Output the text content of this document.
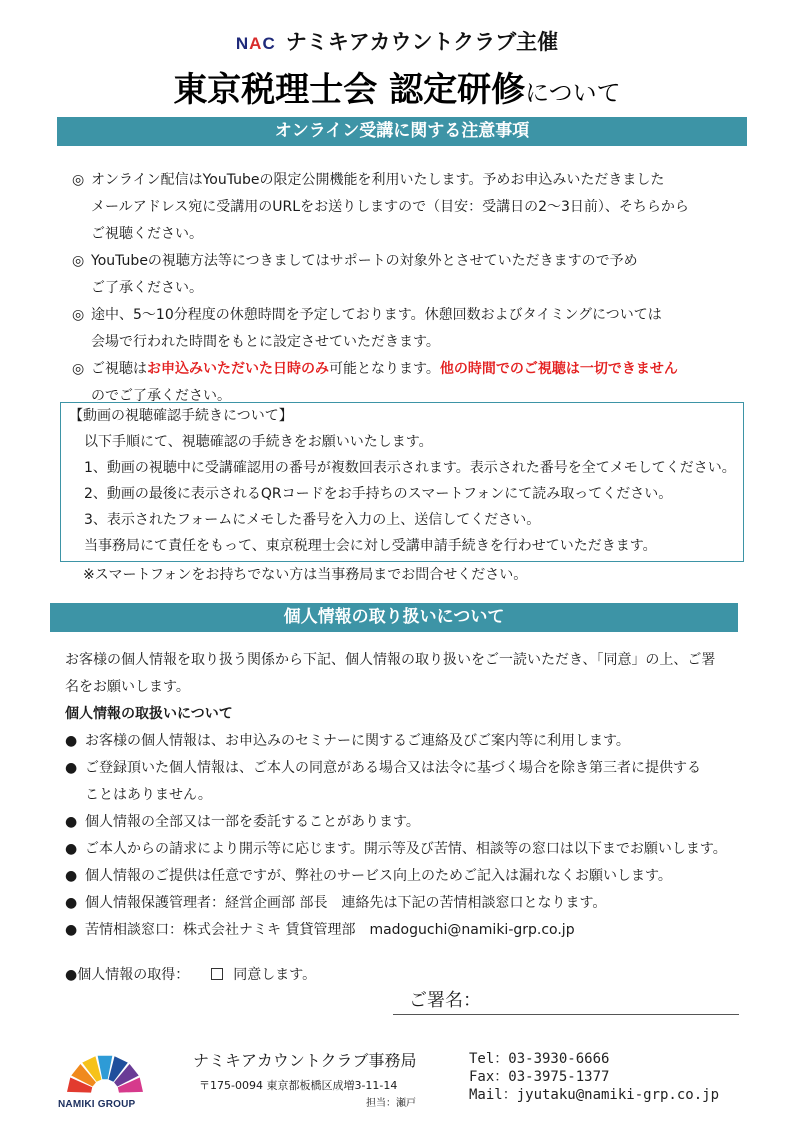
NAC ナミキアカウントクラブ主催
東京税理士会 認定研修について
オンライン受講に関する注意事項
◎ オンライン配信はYouTubeの限定公開機能を利用いたします。予めお申込みいただきました
メールアドレス宛に受講用のURLをお送りしますので（目安：受講日の2～3日前）、そちらから
ご視聴ください。
◎ YouTubeの視聴方法等につきましてはサポートの対象外とさせていただきますので予め
ご了承ください。
◎ 途中、5～10分程度の休憩時間を予定しております。休憩回数およびタイミングについては
会場で行われた時間をもとに設定させていただきます。
◎ ご視聴はお申込みいただいた日時のみ可能となります。他の時間でのご視聴は一切できません
のでご了承ください。
【動画の視聴確認手続きについて】
以下手順にて、視聴確認の手続きをお願いいたします。
1、動画の視聴中に受講確認用の番号が複数回表示されます。表示された番号を全てメモしてください。
2、動画の最後に表示されるQRコードをお手持ちのスマートフォンにて読み取ってください。
3、表示されたフォームにメモした番号を入力の上、送信してください。
当事務局にて責任をもって、東京税理士会に対し受講申請手続きを行わせていただきます。
※スマートフォンをお持ちでない方は当事務局までお問合せください。
個人情報の取り扱いについて
お客様の個人情報を取り扱う関係から下記、個人情報の取り扱いをご一読いただき、「同意」の上、ご署
名をお願いします。
個人情報の取扱いについて
● お客様の個人情報は、お申込みのセミナーに関するご連絡及びご案内等に利用します。
● ご登録頂いた個人情報は、ご本人の同意がある場合又は法令に基づく場合を除き第三者に提供する
ことはありません。
● 個人情報の全部又は一部を委託することがあります。
● ご本人からの請求により開示等に応じます。開示等及び苦情、相談等の窓口は以下までお願いします。
● 個人情報のご提供は任意ですが、弊社のサービス向上のためご記入は漏れなくお願いします。
● 個人情報保護管理者：経営企画部 部長　連絡先は下記の苦情相談窓口となります。
● 苦情相談窓口：株式会社ナミキ 賃貸管理部　madoguchi@namiki-grp.co.jp
●個人情報の取得：	同意します。
ご署名：
NAMIKI GROUP
ナミキアカウントクラブ事務局
〒175-0094 東京都板橋区成増3-11-14
担当：瀬戸
Tel：03-3930-6666
Fax：03-3975-1377
Mail：jyutaku@namiki-grp.co.jp
